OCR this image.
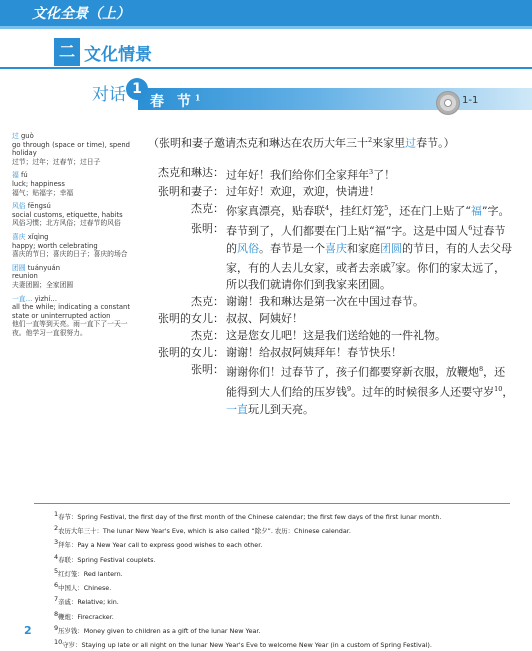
文化全景（上）
二 文化情景
对话 1
春 节$^1$	1-1
过 guò
go through (space or time), spend holiday
过节；过年；过春节；过日子
福 fú
luck; happiness
福气；贴福字；幸福
风俗 fēngsú
social customs, etiquette, habits
风俗习惯；北方风俗；过春节的风俗
喜庆 xǐqìng
happy; worth celebrating
喜庆的节日；喜庆的日子；喜庆的场合
团圆 tuányuán
reunion
夫妻团圆；全家团圆
一直… yìzhí…
all the while; indicating a constant state or uninterrupted action
他们一直等到天亮。雨一直下了一天一夜。他学习一直很努力。
（张明和妻子邀请杰克和琳达在农历大年三十$^2$来家里过春节。）
杰克和琳达： 过年好！我们给你们全家拜年$^3$了！
张明和妻子： 过年好！欢迎，欢迎，快请进！
杰克： 你家真漂亮，贴春联$^4$，挂红灯笼$^5$，还在门上贴了“福”字。
张明： 春节到了，人们都要在门上贴“福”字。这是中国人$^6$过春节的风俗。春节是一个喜庆和家庭团圆的节日，有的人去父母家，有的人去儿女家，或者去亲戚$^7$家。你们的家太远了，所以我们就请你们到我家来团圆。
杰克： 谢谢！我和琳达是第一次在中国过春节。
张明的女儿： 叔叔、阿姨好！
杰克： 这是您女儿吧！这是我们送给她的一件礼物。
张明的女儿： 谢谢！给叔叔阿姨拜年！春节快乐！
张明： 谢谢你们！过春节了，孩子们都要穿新衣服，放鞭炮$^8$，还能得到大人们给的压岁钱$^9$。过年的时候很多人还要守岁$^{10}$，一直玩儿到天亮。
$^1$春节：Spring Festival, the first day of the first month of the Chinese calendar; the first few days of the first lunar month.
$^2$农历大年三十：The lunar New Year's Eve, which is also called “除夕”. 农历：Chinese calendar.
$^3$拜年：Pay a New Year call to express good wishes to each other.
$^4$春联：Spring Festival couplets.
$^5$红灯笼：Red lantern.
$^6$中国人：Chinese.
$^7$亲戚：Relative; kin.
$^8$鞭炮：Firecracker.
$^9$压岁钱：Money given to children as a gift of the lunar New Year.
$^{10}$守岁：Staying up late or all night on the lunar New Year's Eve to welcome New Year (in a custom of Spring Festival).
2
